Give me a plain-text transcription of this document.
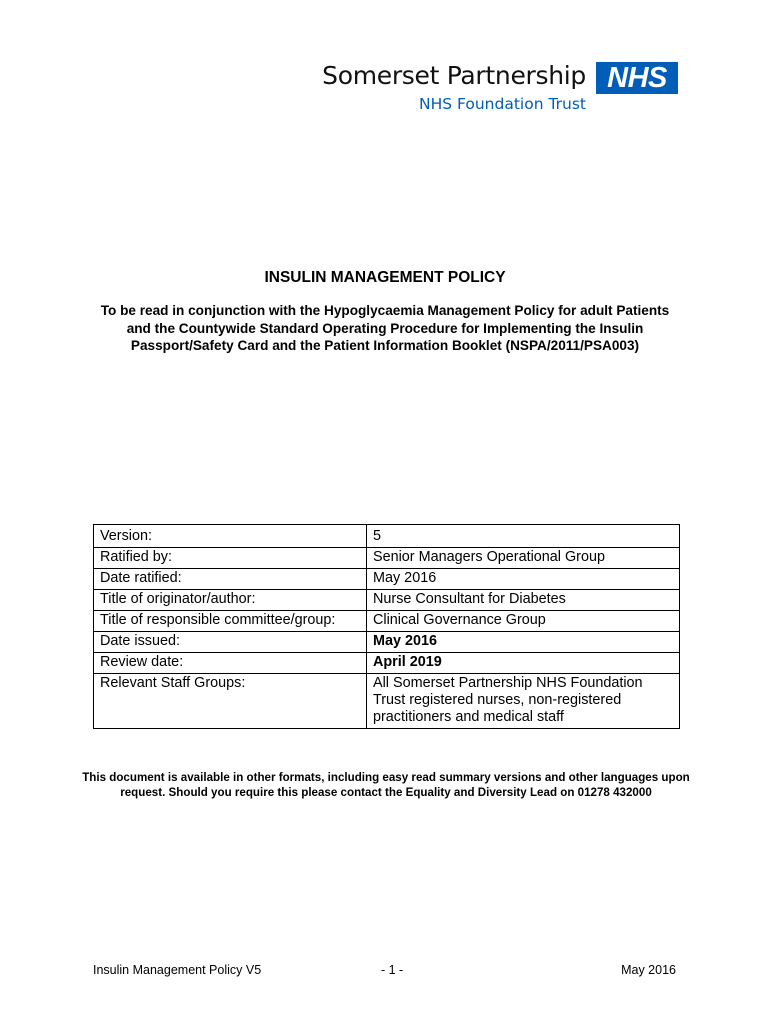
Somerset Partnership
NHS Foundation Trust
NHS
INSULIN MANAGEMENT POLICY
To be read in conjunction with the Hypoglycaemia Management Policy for adult Patients and the Countywide Standard Operating Procedure for Implementing the Insulin Passport/Safety Card and the Patient Information Booklet (NSPA/2011/PSA003)
Version:	5
Ratified by:	Senior Managers Operational Group
Date ratified:	May 2016
Title of originator/author:	Nurse Consultant for Diabetes
Title of responsible committee/group:	Clinical Governance Group
Date issued:	May 2016
Review date:	April 2019
Relevant Staff Groups:	All Somerset Partnership NHS Foundation Trust registered nurses, non-registered practitioners and medical staff
This document is available in other formats, including easy read summary versions and other languages upon request. Should you require this please contact the Equality and Diversity Lead on 01278 432000
Insulin Management Policy V5	- 1 -	May 2016
